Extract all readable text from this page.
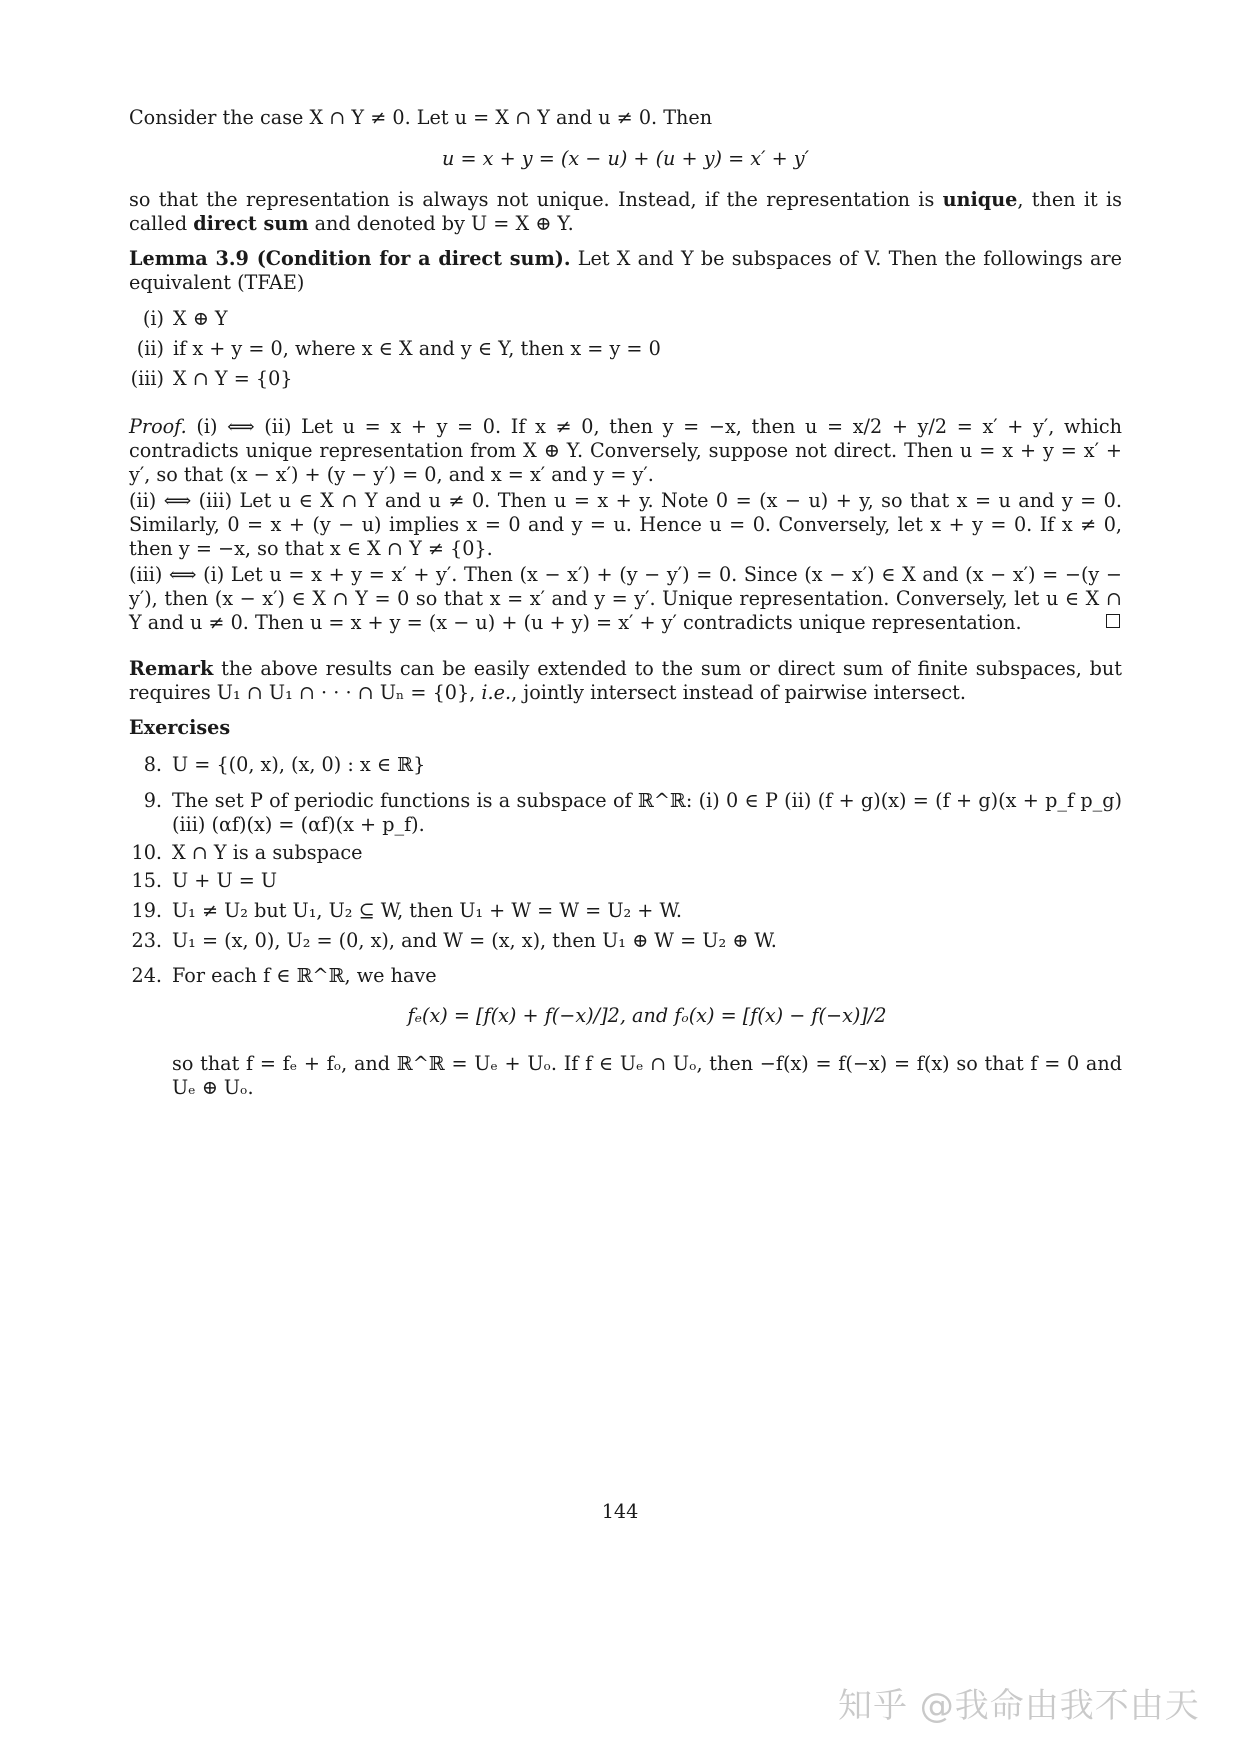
Consider the case X ∩ Y ≠ 0. Let u = X ∩ Y and u ≠ 0. Then
u = x + y = (x − u) + (u + y) = x′ + y′
so that the representation is always not unique. Instead, if the representation is unique, then it is called direct sum and denoted by U = X ⊕ Y.
Lemma 3.9 (Condition for a direct sum). Let X and Y be subspaces of V. Then the followings are equivalent (TFAE)
(i) X ⊕ Y
(ii) if x + y = 0, where x ∈ X and y ∈ Y, then x = y = 0
(iii) X ∩ Y = {0}
Proof. (i) ⟺ (ii) Let u = x + y = 0. If x ≠ 0, then y = −x, then u = x/2 + y/2 = x′ + y′, which contradicts unique representation from X ⊕ Y. Conversely, suppose not direct. Then u = x + y = x′ + y′, so that (x − x′) + (y − y′) = 0, and x = x′ and y = y′.
(ii) ⟺ (iii) Let u ∈ X ∩ Y and u ≠ 0. Then u = x + y. Note 0 = (x − u) + y, so that x = u and y = 0. Similarly, 0 = x + (y − u) implies x = 0 and y = u. Hence u = 0. Conversely, let x + y = 0. If x ≠ 0, then y = −x, so that x ∈ X ∩ Y ≠ {0}.
(iii) ⟺ (i) Let u = x + y = x′ + y′. Then (x − x′) + (y − y′) = 0. Since (x − x′) ∈ X and (x − x′) = −(y − y′), then (x − x′) ∈ X ∩ Y = 0 so that x = x′ and y = y′. Unique representation. Conversely, let u ∈ X ∩ Y and u ≠ 0. Then u = x + y = (x − u) + (u + y) = x′ + y′ contradicts unique representation.
Remark the above results can be easily extended to the sum or direct sum of finite subspaces, but requires U₁ ∩ U₁ ∩ · · · ∩ Uₙ = {0}, i.e., jointly intersect instead of pairwise intersect.
Exercises
8. U = {(0, x), (x, 0) : x ∈ ℝ}
9. The set P of periodic functions is a subspace of ℝ^ℝ: (i) 0 ∈ P (ii) (f + g)(x) = (f + g)(x + p_f p_g) (iii) (αf)(x) = (αf)(x + p_f).
10. X ∩ Y is a subspace
15. U + U = U
19. U₁ ≠ U₂ but U₁, U₂ ⊆ W, then U₁ + W = W = U₂ + W.
23. U₁ = (x, 0), U₂ = (0, x), and W = (x, x), then U₁ ⊕ W = U₂ ⊕ W.
24. For each f ∈ ℝ^ℝ, we have
fₑ(x) = [f(x) + f(−x)/]2, and fₒ(x) = [f(x) − f(−x)]/2
so that f = fₑ + fₒ, and ℝ^ℝ = Uₑ + Uₒ. If f ∈ Uₑ ∩ Uₒ, then −f(x) = f(−x) = f(x) so that f = 0 and Uₑ ⊕ Uₒ.
144
知乎 @我命由我不由天
